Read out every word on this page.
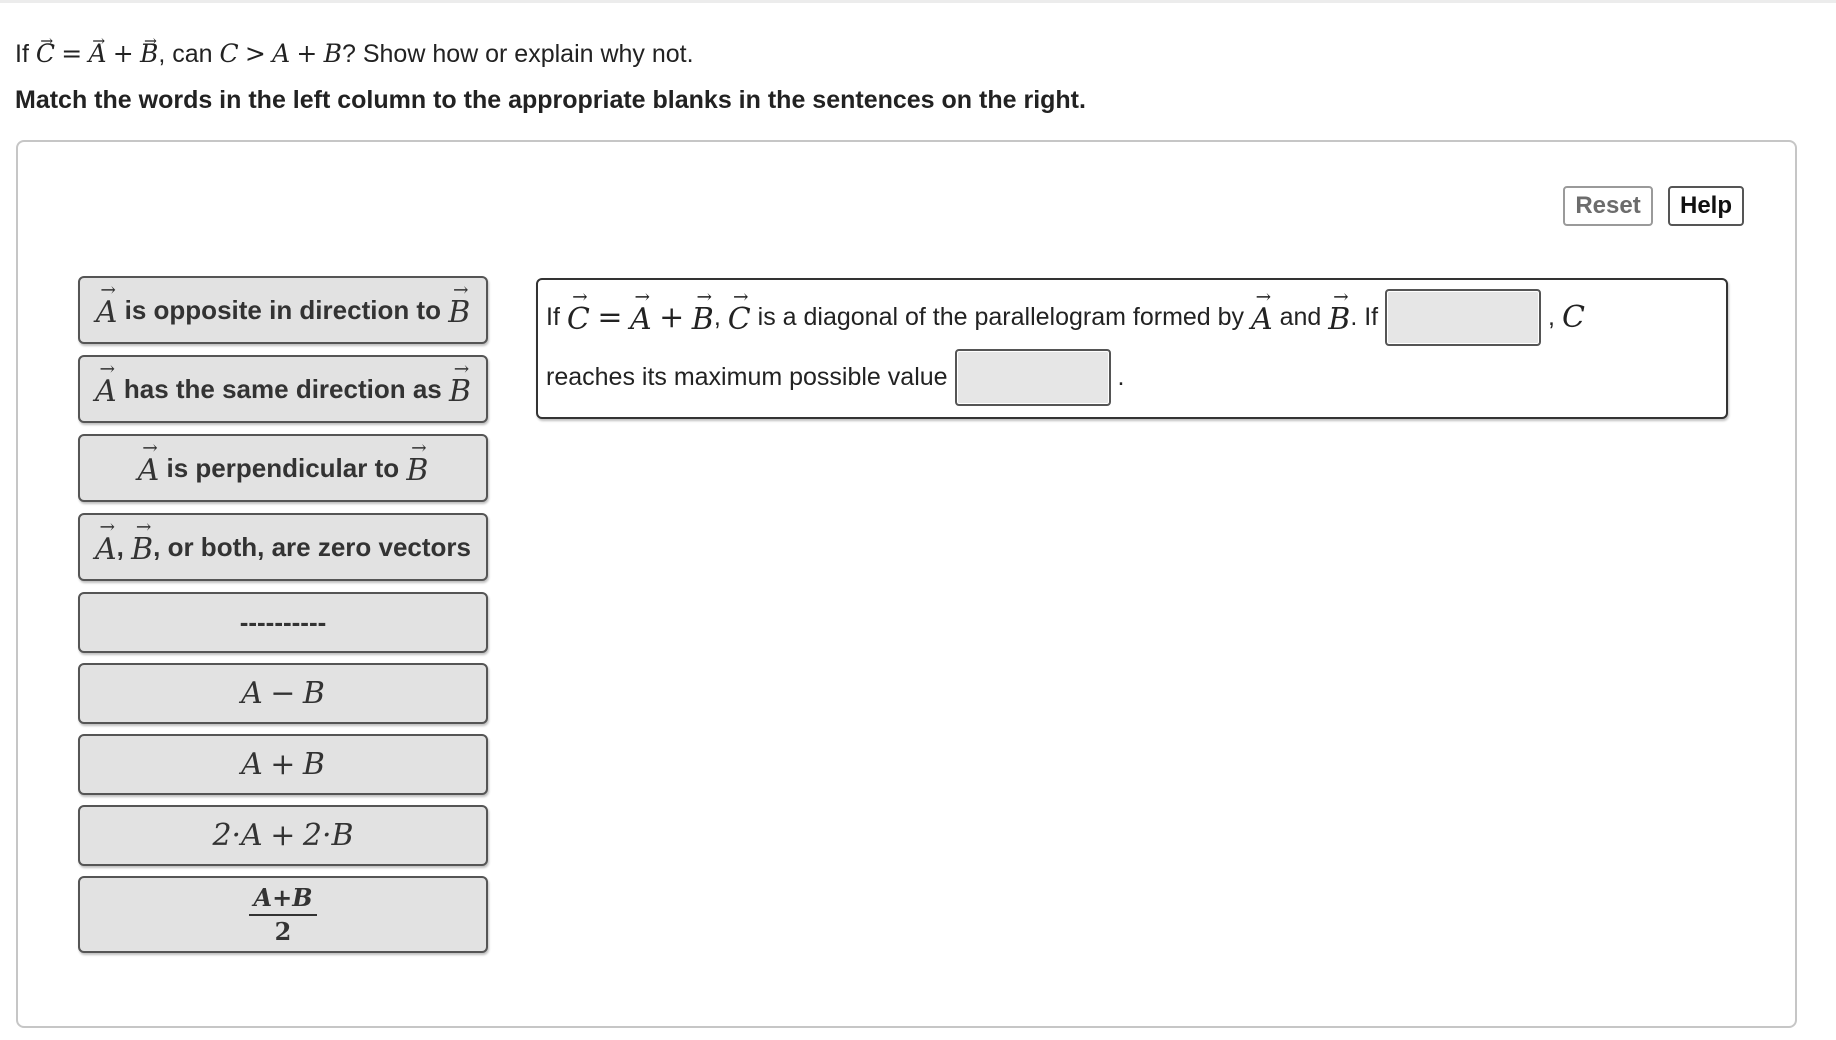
If → C = → A + → B, can C > A + B? Show how or explain why not.
Match the words in the left column to the appropriate blanks in the sentences on the right.
Reset	Help
→ A is opposite in direction to → B
→ A has the same direction as → B
→ A is perpendicular to → B
→ A , → B , or both, are zero vectors
----------
A − B
A + B
2·A + 2·B
$\frac{A+B}{2}$
If
→ C = → A + → B ,
→ C
is a diagonal of the parallelogram formed by
→ A
and
→ B . If

	,
C
reaches its maximum possible value

	.
